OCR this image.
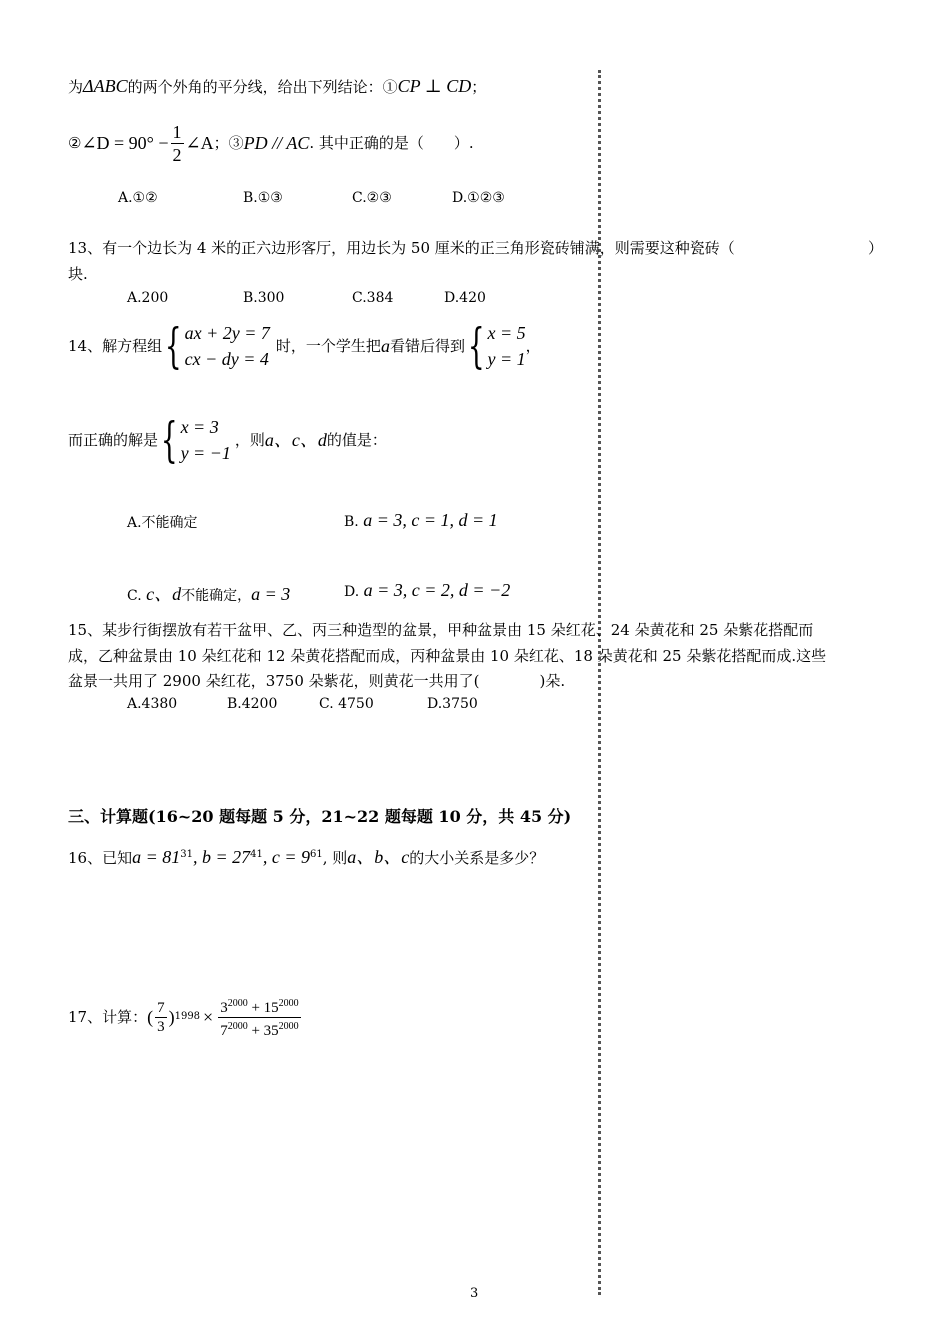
为ΔABC的两个外角的平分线，给出下列结论：①CP ⊥ CD；
② ∠D = $90^\circ - \frac{1}{2}$ ∠A ；③ PD // AC . 其中正确的是（　　）.
A.①②	B.①③	C.②③	D.①②③
13、有一个边长为 4 米的正六边形客厅，用边长为 50 厘米的正三角形瓷砖铺满，则需要这种瓷砖（	）
块.
A.200	B.300	C.384	D.420
14、解方程组 { ax + 2y = 7
cx − dy = 4
时，一个学生把 a 看错后得到 { x = 5
y = 1
，
而正确的解是 { x = 3
y = −1
，则 a、c、d 的值是：
A.不能确定	B. a = 3, c = 1, d = 1
C. c、d不能确定，a = 3	D. a = 3, c = 2, d = −2
15、某步行街摆放有若干盆甲、乙、丙三种造型的盆景，甲种盆景由 15 朵红花、24 朵黄花和 25 朵紫花搭配而
成，乙种盆景由 10 朵红花和 12 朵黄花搭配而成，丙种盆景由 10 朵红花、18 朵黄花和 25 朵紫花搭配而成.这些
盆景一共用了 2900 朵红花，3750 朵紫花，则黄花一共用了(　　　　)朵.
A.4380	B.4200	C. 4750	D.3750
三、计算题(16~20 题每题 5 分，21~22 题每题 10 分，共 45 分)
16、已知$a = 81^{31}$, $b = 27^{41}$, $c = 9^{61}$, 则a、b、c的大小关系是多少？
17、计算： ( $\frac{7}{3}$ ) $1998 \times \frac{3^{2000} + 15^{2000}}{7^{2000} + 35^{2000}}$
3
